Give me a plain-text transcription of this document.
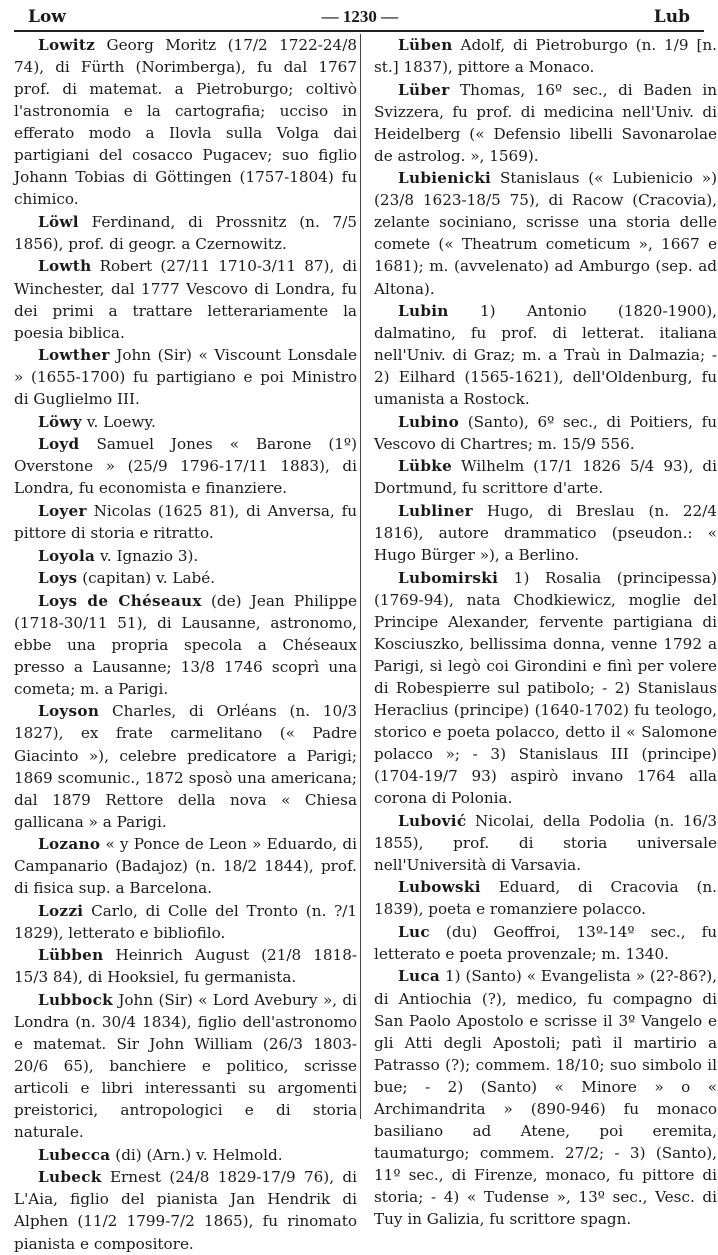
Low	— 1230 —	Lub

Lowitz Georg Moritz (17/2 1722-24/8 74), di Fürth (Norimberga), fu dal 1767 prof. di matemat. a Pietroburgo; coltivò l'astronomia e la cartografia; ucciso in efferato modo a Ilovla sulla Volga dai partigiani del cosacco Pugacev; suo figlio Johann Tobias di Göttingen (1757-1804) fu chimico.

Löwl Ferdinand, di Prossnitz (n. 7/5 1856), prof. di geogr. a Czernowitz.

Lowth Robert (27/11 1710-3/11 87), di Winchester, dal 1777 Vescovo di Londra, fu dei primi a trattare letterariamente la poesia biblica.

Lowther John (Sir) « Viscount Lonsdale » (1655-1700) fu partigiano e poi Ministro di Guglielmo III.

Löwy v. Loewy.

Loyd Samuel Jones « Barone (1º) Overstone » (25/9 1796-17/11 1883), di Londra, fu economista e finanziere.

Loyer Nicolas (1625 81), di Anversa, fu pittore di storia e ritratto.

Loyola v. Ignazio 3).

Loys (capitan) v. Labé.

Loys de Chéseaux (de) Jean Philippe (1718-30/11 51), di Lausanne, astronomo, ebbe una propria specola a Chéseaux presso a Lausanne; 13/8 1746 scoprì una cometa; m. a Parigi.

Loyson Charles, di Orléans (n. 10/3 1827), ex frate carmelitano (« Padre Giacinto »), celebre predicatore a Parigi; 1869 scomunic., 1872 sposò una americana; dal 1879 Rettore della nova « Chiesa gallicana » a Parigi.

Lozano « y Ponce de Leon » Eduardo, di Campanario (Badajoz) (n. 18/2 1844), prof. di fisica sup. a Barcelona.

Lozzi Carlo, di Colle del Tronto (n. ?/1 1829), letterato e bibliofilo.

Lübben Heinrich August (21/8 1818-15/3 84), di Hooksiel, fu germanista.

Lubbock John (Sir) « Lord Avebury », di Londra (n. 30/4 1834), figlio dell'astronomo e matemat. Sir John William (26/3 1803-20/6 65), banchiere e politico, scrisse articoli e libri interessanti su argomenti preistorici, antropologici e di storia naturale.

Lubecca (di) (Arn.) v. Helmold.

Lubeck Ernest (24/8 1829-17/9 76), di L'Aia, figlio del pianista Jan Hendrik di Alphen (11/2 1799-7/2 1865), fu rinomato pianista e compositore.

Lüben Adolf, di Pietroburgo (n. 1/9 [n. st.] 1837), pittore a Monaco.

Lüber Thomas, 16º sec., di Baden in Svizzera, fu prof. di medicina nell'Univ. di Heidelberg (« Defensio libelli Savonarolae de astrolog. », 1569).

Lubienicki Stanislaus (« Lubienicio ») (23/8 1623-18/5 75), di Racow (Cracovia), zelante sociniano, scrisse una storia delle comete (« Theatrum cometicum », 1667 e 1681); m. (avvelenato) ad Amburgo (sep. ad Altona).

Lubin 1) Antonio (1820-1900), dalmatino, fu prof. di letterat. italiana nell'Univ. di Graz; m. a Traù in Dalmazia; - 2) Eilhard (1565-1621), dell'Oldenburg, fu umanista a Rostock.

Lubino (Santo), 6º sec., di Poitiers, fu Vescovo di Chartres; m. 15/9 556.

Lübke Wilhelm (17/1 1826 5/4 93), di Dortmund, fu scrittore d'arte.

Lubliner Hugo, di Breslau (n. 22/4 1816), autore drammatico (pseudon.: « Hugo Bürger »), a Berlino.

Lubomirski 1) Rosalia (principessa) (1769-94), nata Chodkiewicz, moglie del Principe Alexander, fervente partigiana di Kosciuszko, bellissima donna, venne 1792 a Parigi, si legò coi Girondini e finì per volere di Robespierre sul patibolo; - 2) Stanislaus Heraclius (principe) (1640-1702) fu teologo, storico e poeta polacco, detto il « Salomone polacco »; - 3) Stanislaus III (principe) (1704-19/7 93) aspirò invano 1764 alla corona di Polonia.

Lubović Nicolai, della Podolia (n. 16/3 1855), prof. di storia universale nell'Università di Varsavia.

Lubowski Eduard, di Cracovia (n. 1839), poeta e romanziere polacco.

Luc (du) Geoffroi, 13º-14º sec., fu letterato e poeta provenzale; m. 1340.

Luca 1) (Santo) « Evangelista » (2?-86?), di Antiochia (?), medico, fu compagno di San Paolo Apostolo e scrisse il 3º Vangelo e gli Atti degli Apostoli; patì il martirio a Patrasso (?); commem. 18/10; suo simbolo il bue; - 2) (Santo) « Minore » o « Archimandrita » (890-946) fu monaco basiliano ad Atene, poi eremita, taumaturgo; commem. 27/2; - 3) (Santo), 11º sec., di Firenze, monaco, fu pittore di storia; - 4) « Tudense », 13º sec., Vesc. di Tuy in Galizia, fu scrittore spagn.
